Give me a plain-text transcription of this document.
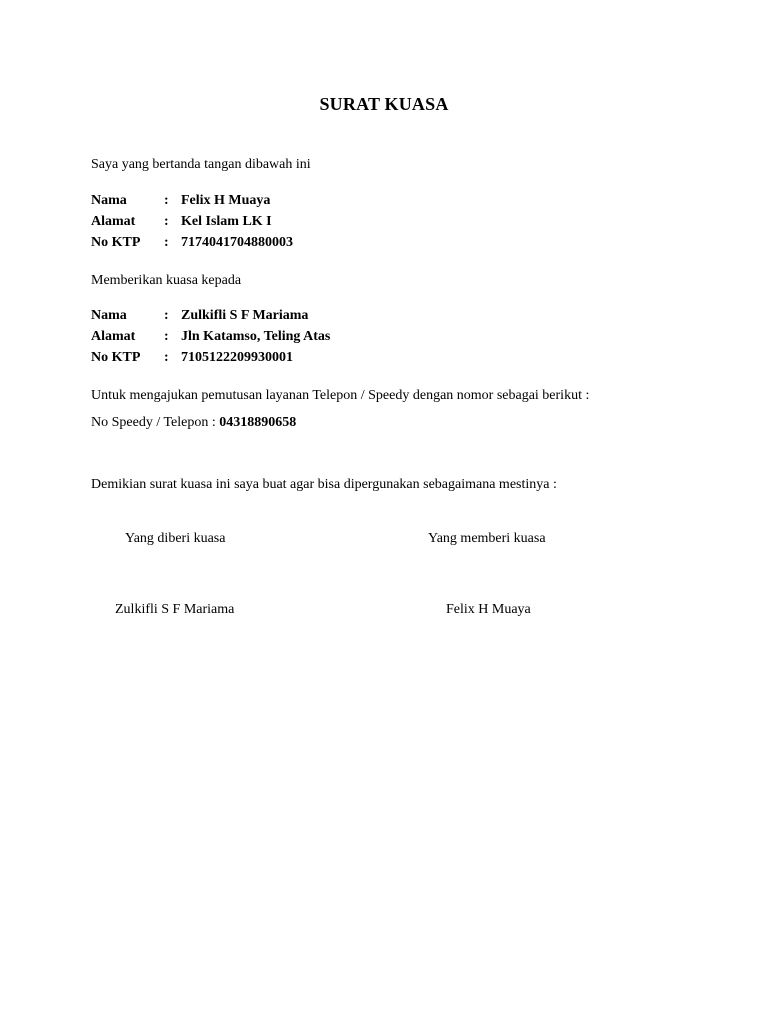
SURAT KUASA
Saya yang bertanda tangan dibawah ini
Nama	: Felix H Muaya
Alamat : Kel Islam LK I
No KTP : 7174041704880003
Memberikan kuasa kepada
Nama	: Zulkifli S F Mariama
Alamat : Jln Katamso, Teling Atas
No KTP : 7105122209930001
Untuk mengajukan pemutusan layanan Telepon / Speedy dengan nomor sebagai berikut :
No Speedy / Telepon : 04318890658
Demikian surat kuasa ini saya buat agar bisa dipergunakan sebagaimana mestinya :
Yang diberi kuasa	Yang memberi kuasa
Zulkifli S F Mariama	Felix H Muaya
